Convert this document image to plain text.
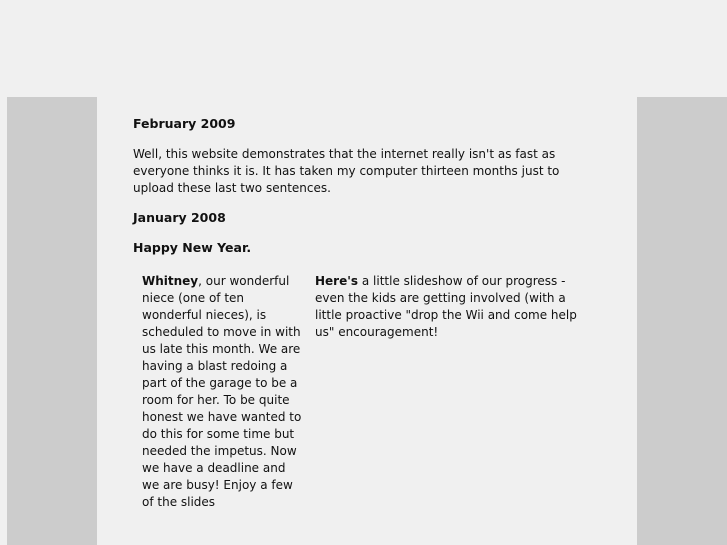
February 2009

Well, this website demonstrates that the internet really isn't as fast as everyone thinks it is. It has taken my computer thirteen months just to upload these last two sentences.

January 2008

Happy New Year.

Whitney, our wonderful niece (one of ten wonderful nieces), is scheduled to move in with us late this month. We are having a blast redoing a part of the garage to be a room for her. To be quite honest we have wanted to do this for some time but needed the impetus. Now we have a deadline and we are busy! Enjoy a few of the slides
Here's a little slideshow of our progress - even the kids are getting involved (with a little proactive "drop the Wii and come help us" encouragement!
